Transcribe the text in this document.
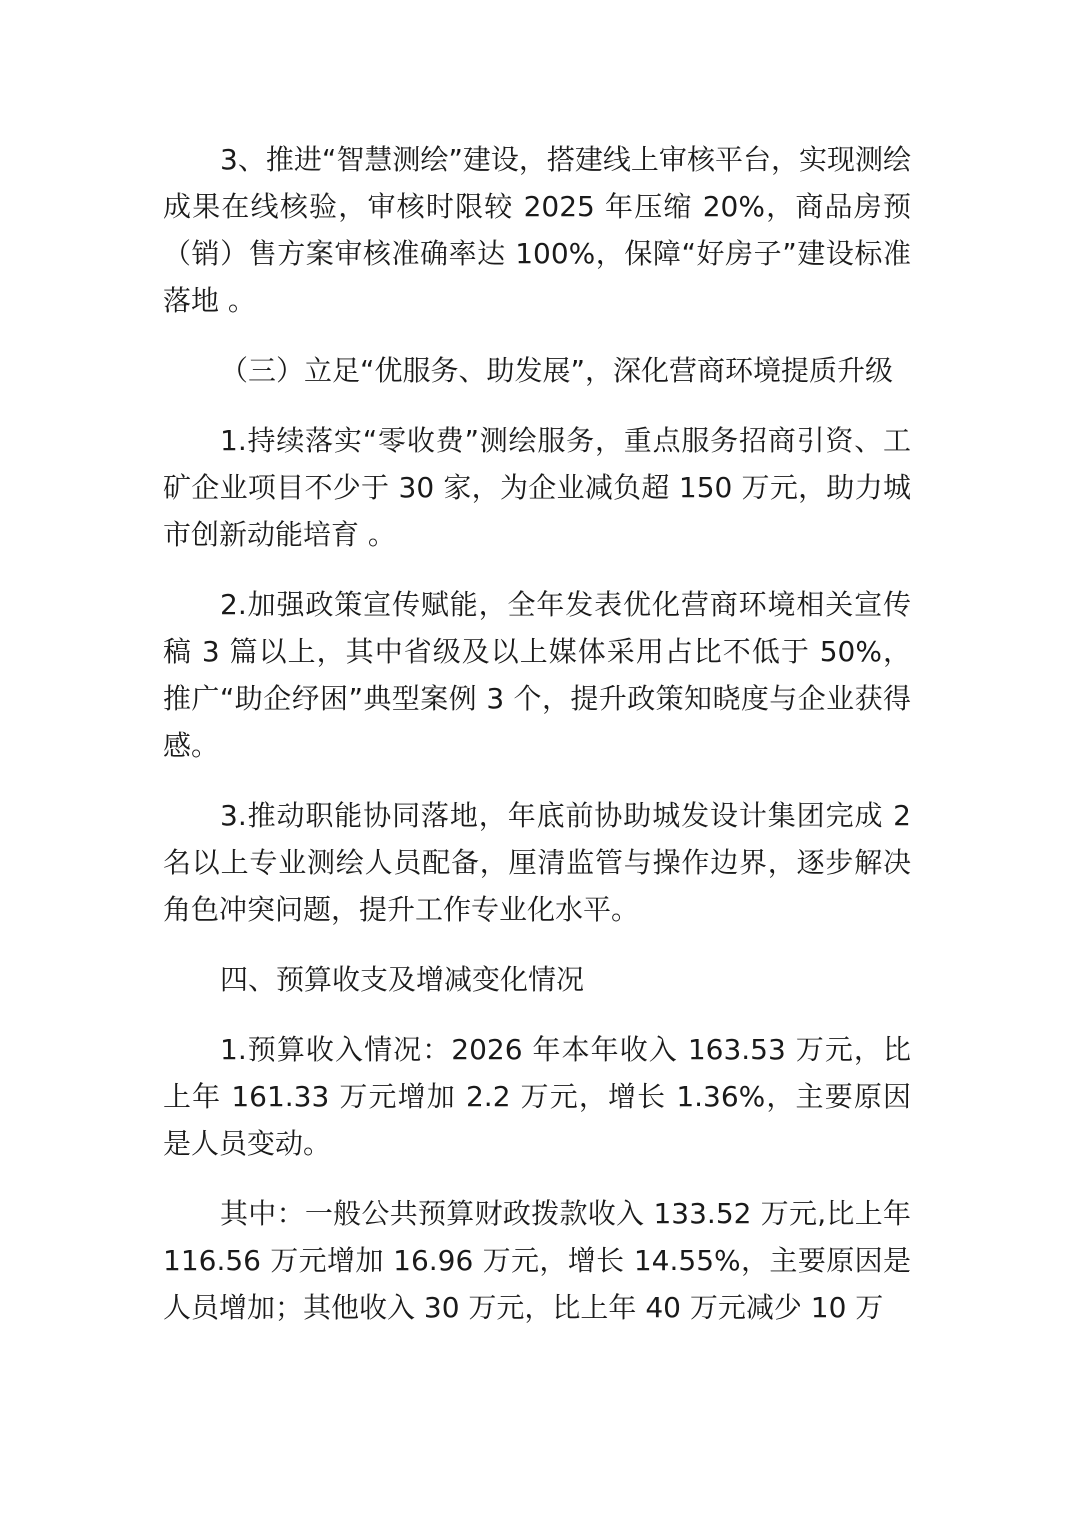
3、推进“智慧测绘”建设，搭建线上审核平台，实现测绘成果在线核验，审核时限较 2025 年压缩 20%，商品房预（销）售方案审核准确率达 100%，保障“好房子”建设标准落地 。

（三）立足“优服务、助发展”，深化营商环境提质升级

1.持续落实“零收费”测绘服务，重点服务招商引资、工矿企业项目不少于 30 家，为企业减负超 150 万元，助力城市创新动能培育 。

2.加强政策宣传赋能，全年发表优化营商环境相关宣传稿 3 篇以上，其中省级及以上媒体采用占比不低于 50%，推广“助企纾困”典型案例 3 个，提升政策知晓度与企业获得感。

3.推动职能协同落地，年底前协助城发设计集团完成 2 名以上专业测绘人员配备，厘清监管与操作边界，逐步解决角色冲突问题，提升工作专业化水平。

四、预算收支及增减变化情况

1.预算收入情况：2026 年本年收入 163.53 万元，比上年 161.33 万元增加 2.2 万元，增长 1.36%，主要原因是人员变动。

其中：一般公共预算财政拨款收入 133.52 万元,比上年 116.56 万元增加 16.96 万元，增长 14.55%，主要原因是人员增加；其他收入 30 万元，比上年 40 万元减少 10 万
